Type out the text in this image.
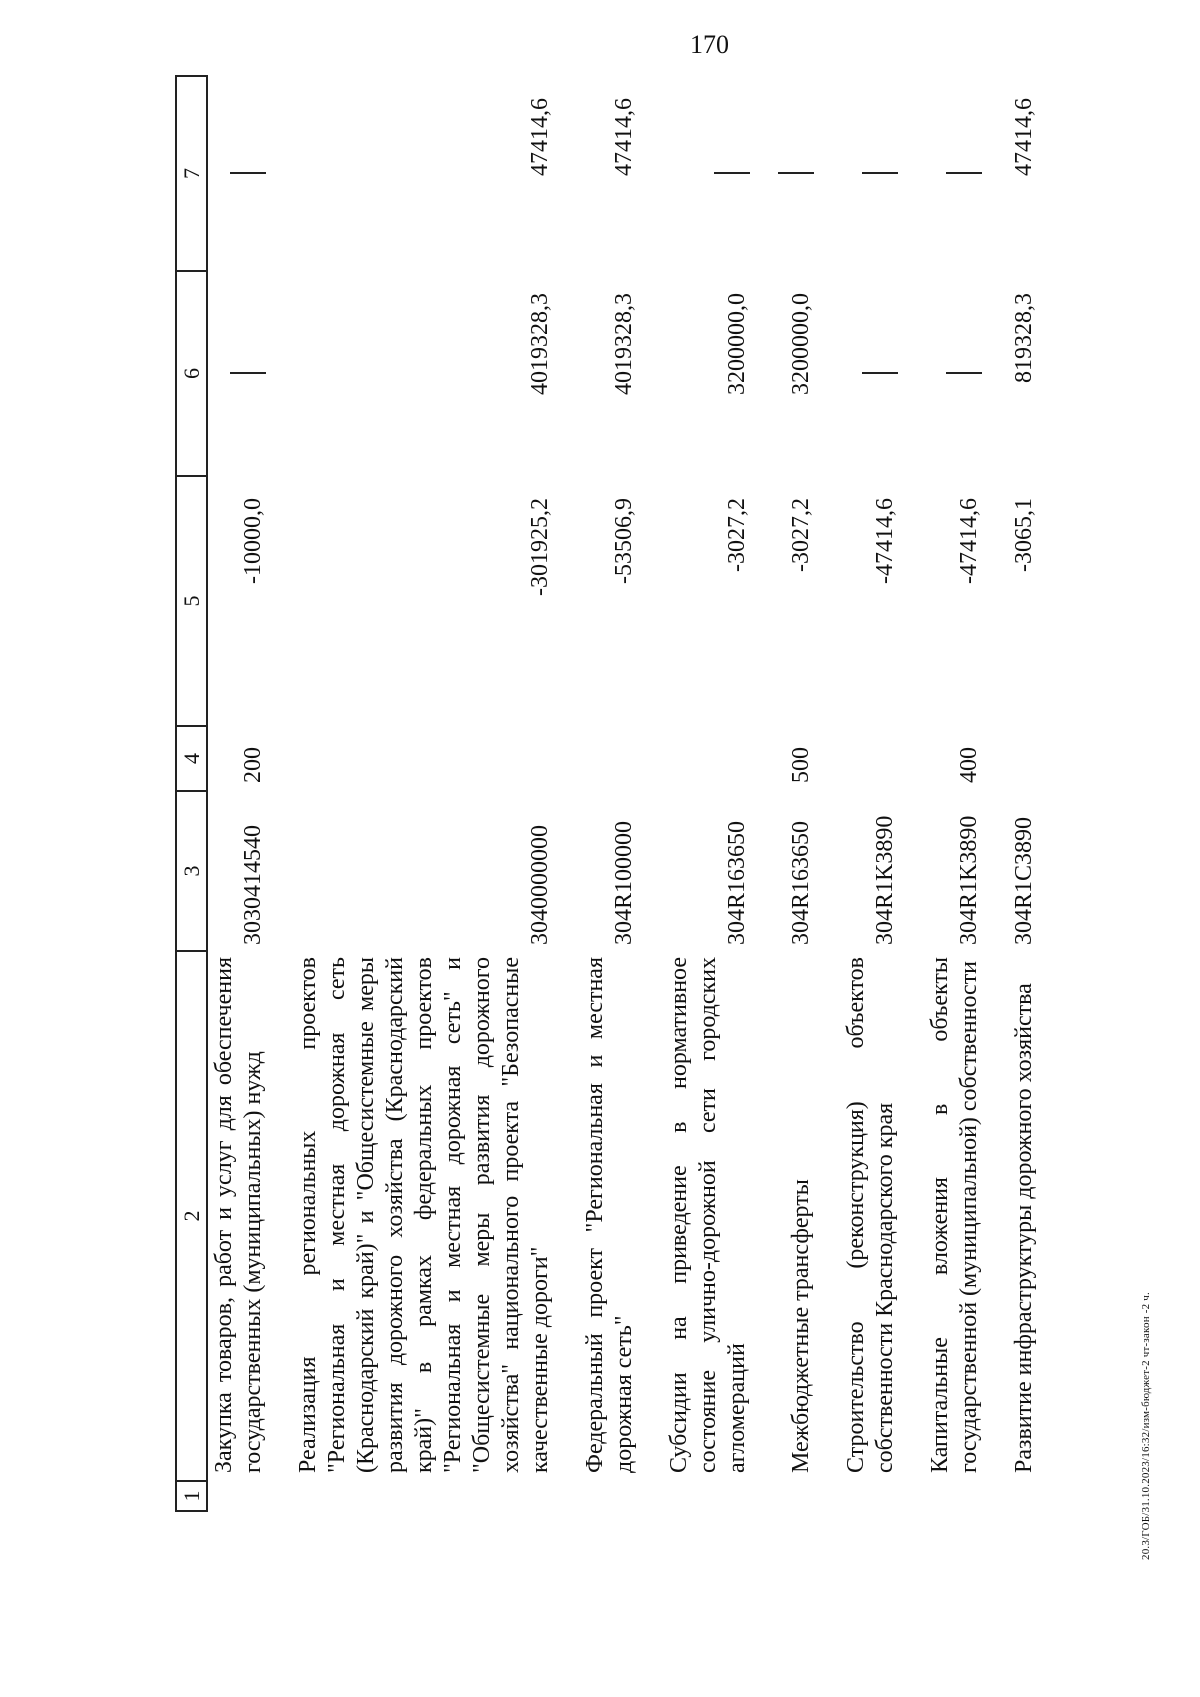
170
1	2	3	4	5	6	7
	Закупка товаров, работ и услуг для обеспечения государственных (муниципальных) нужд	3030414540	200	-10000,0		

	Реализация региональных проектов "Региональная и местная дорожная сеть (Краснодарский край)" и "Общесистемные меры развития дорожного хозяйства (Краснодарский край)" в рамках федеральных проектов "Региональная и местная дорожная сеть" и "Общесистемные меры развития дорожного хозяйства" национального проекта "Безопасные качественные дороги"	3040000000		-301925,2	4019328,3	47414,6

	Федеральный проект "Региональная и местная дорожная сеть"	304R100000		-53506,9	4019328,3	47414,6

	Субсидии на приведение в нормативное состояние улично-дорожной сети городских агломераций	304R163650		-3027,2	3200000,0	

	Межбюджетные трансферты	304R163650	500	-3027,2	3200000,0	

	Строительство (реконструкция) объектов собственности Краснодарского края	304R1K3890		-47414,6		

	Капитальные вложения в объекты государственной (муниципальной) собственности	304R1K3890	400	-47414,6		

	Развитие инфраструктуры дорожного хозяйства	304R1C3890		-3065,1	819328,3	47414,6
20.3/ГОБ/31.10.2023/16:32/изм-бюджет-2 чт-закон -2 ч.
